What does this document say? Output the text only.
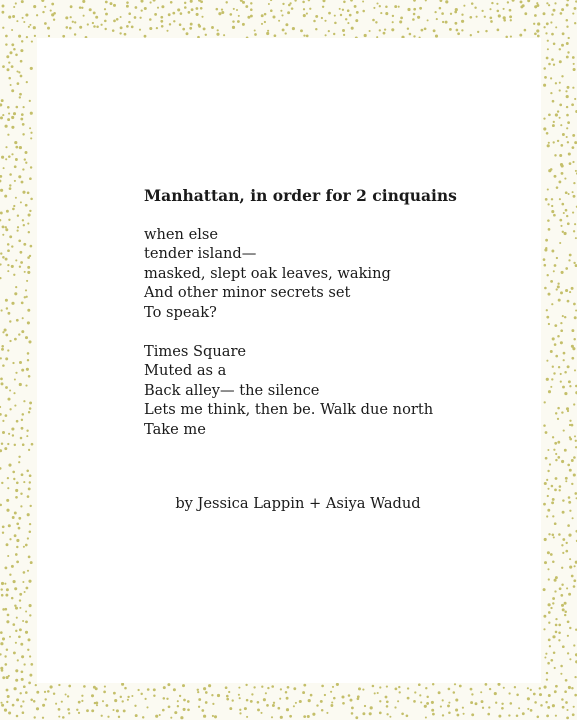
Manhattan, in order for 2 cinquains
when else
tender island—
masked, slept oak leaves, waking
And other minor secrets set
To speak?
Times Square
Muted as a
Back alley— the silence
Lets me think, then be. Walk due north
Take me
by Jessica Lappin + Asiya Wadud
